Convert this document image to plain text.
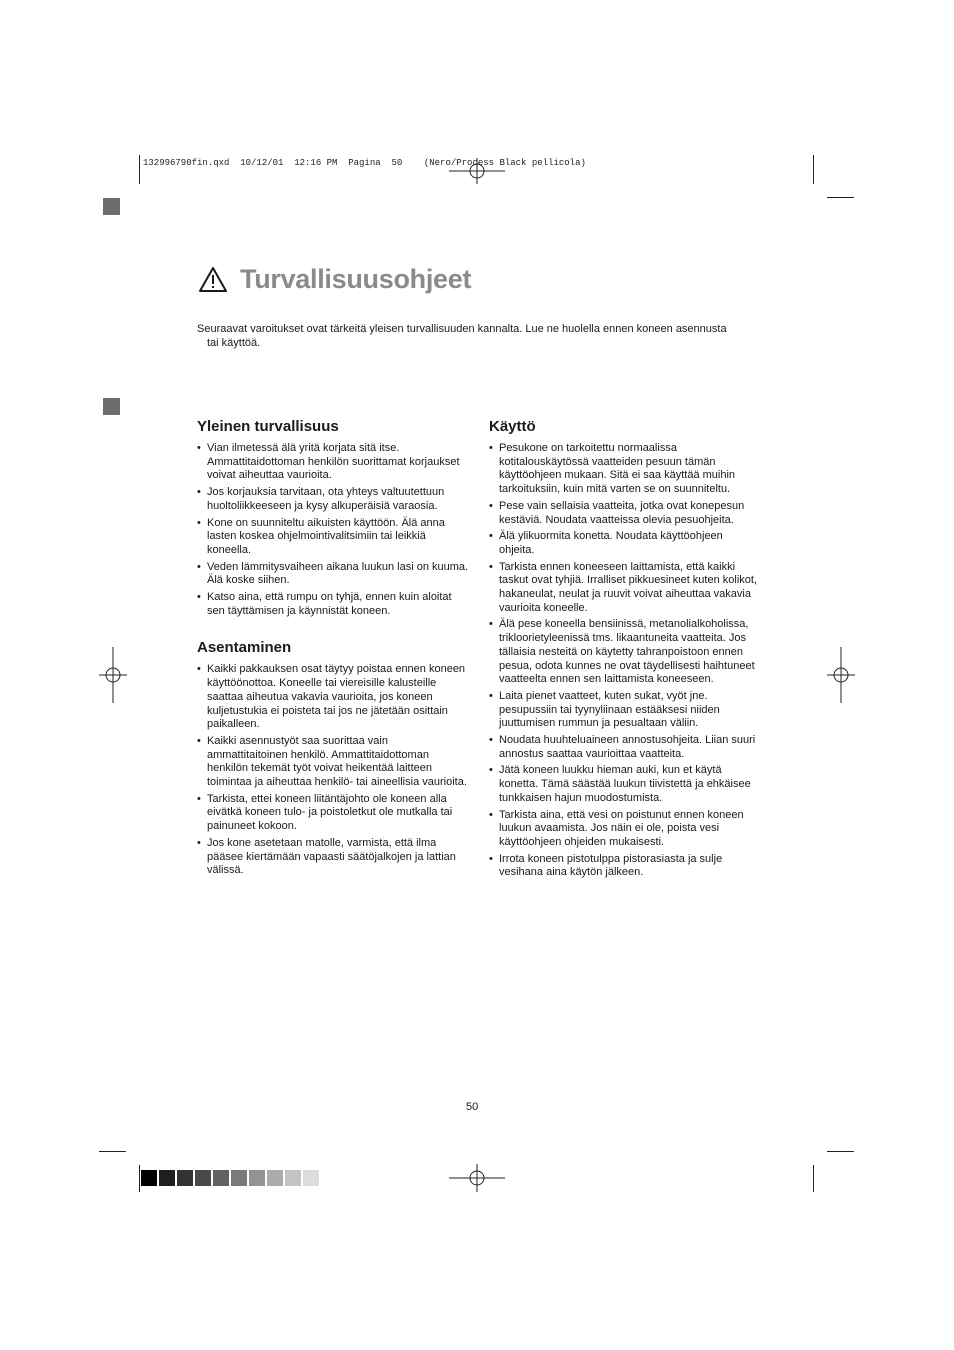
132996790fin.qxd  10/12/01  12:16 PM  Pagina  50    (Nero/Process Black pellicola)
Turvallisuusohjeet
Seuraavat varoitukset ovat tärkeitä yleisen turvallisuuden kannalta. Lue ne huolella ennen koneen asennusta
tai käyttöä.
Yleinen turvallisuus
• Vian ilmetessä älä yritä korjata sitä itse. Ammattitaidottoman henkilön suorittamat korjaukset voivat aiheuttaa vaurioita.
• Jos korjauksia tarvitaan, ota yhteys valtuutettuun huoltoliikkeeseen ja kysy alkuperäisiä varaosia.
• Kone on suunniteltu aikuisten käyttöön. Älä anna lasten koskea ohjelmointivalitsimiin tai leikkiä koneella.
• Veden lämmitysvaiheen aikana luukun lasi on kuuma. Älä koske siihen.
• Katso aina, että rumpu on tyhjä, ennen kuin aloitat sen täyttämisen ja käynnistät koneen.
Asentaminen
• Kaikki pakkauksen osat täytyy poistaa ennen koneen käyttöönottoa. Koneelle tai viereisille kalusteille saattaa aiheutua vakavia vaurioita, jos koneen kuljetustukia ei poisteta tai jos ne jätetään osittain paikalleen.
• Kaikki asennustyöt saa suorittaa vain ammattitaitoinen henkilö. Ammattitaidottoman henkilön tekemät työt voivat heikentää laitteen toimintaa ja aiheuttaa henkilö- tai aineellisia vaurioita.
• Tarkista, ettei koneen liitäntäjohto ole koneen alla eivätkä koneen tulo- ja poistoletkut ole mutkalla tai painuneet kokoon.
• Jos kone asetetaan matolle, varmista, että ilma pääsee kiertämään vapaasti säätöjalkojen ja lattian välissä.
Käyttö
• Pesukone on tarkoitettu normaalissa kotitalouskäytössä vaatteiden pesuun tämän käyttöohjeen mukaan. Sitä ei saa käyttää muihin tarkoituksiin, kuin mitä varten se on suunniteltu.
• Pese vain sellaisia vaatteita, jotka ovat konepesun kestäviä. Noudata vaatteissa olevia pesuohjeita.
• Älä ylikuormita konetta. Noudata käyttöohjeen ohjeita.
• Tarkista ennen koneeseen laittamista, että kaikki taskut ovat tyhjiä. Irralliset pikkuesineet kuten kolikot, hakaneulat, neulat ja ruuvit voivat aiheuttaa vakavia vaurioita koneelle.
• Älä pese koneella bensiinissä, metanolialkoholissa, trikloorietyleenissä tms. likaantuneita vaatteita. Jos tällaisia nesteitä on käytetty tahranpoistoon ennen pesua, odota kunnes ne ovat täydellisesti haihtuneet vaatteelta ennen sen laittamista koneeseen.
• Laita pienet vaatteet, kuten sukat, vyöt jne. pesupussiin tai tyynyliinaan estääksesi niiden juuttumisen rummun ja pesualtaan väliin.
• Noudata huuhteluaineen annostusohjeita. Liian suuri annostus saattaa vaurioittaa vaatteita.
• Jätä koneen luukku hieman auki, kun et käytä konetta. Tämä säästää luukun tiivistettä ja ehkäisee tunkkaisen hajun muodostumista.
• Tarkista aina, että vesi on poistunut ennen koneen luukun avaamista. Jos näin ei ole, poista vesi käyttöohjeen ohjeiden mukaisesti.
• Irrota koneen pistotulppa pistorasiasta ja sulje vesihana aina käytön jälkeen.
50
